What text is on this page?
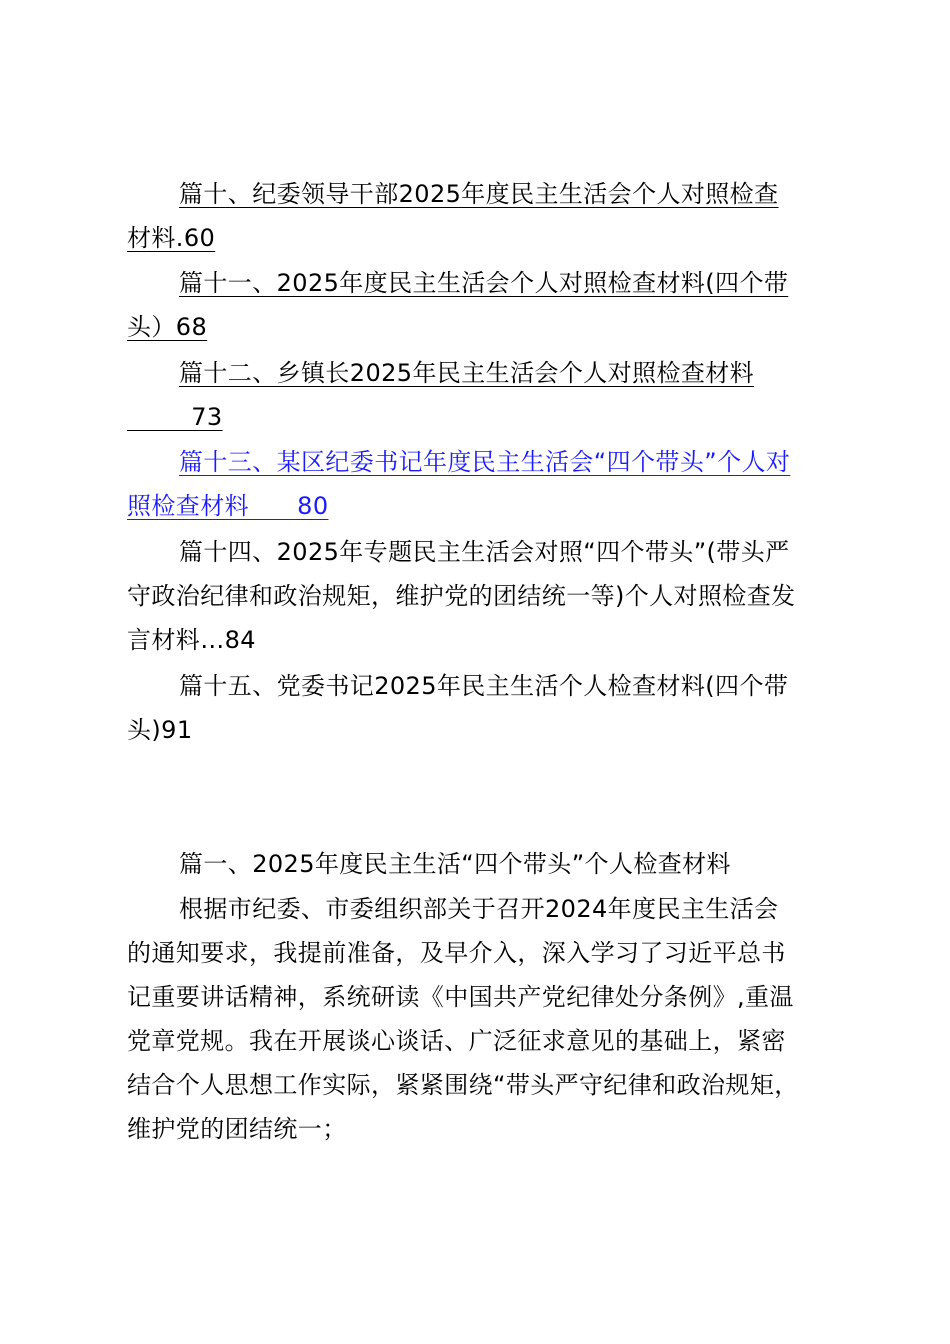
篇十、纪委领导干部2025年度民主生活会个人对照检查
材料.60
篇十一、2025年度民主生活会个人对照检查材料(四个带
头）68
篇十二、乡镇长2025年民主生活会个人对照检查材料
73
篇十三、某区纪委书记年度民主生活会“四个带头”个人对
照检查材料      80
篇十四、2025年专题民主生活会对照“四个带头”(带头严
守政治纪律和政治规矩，维护党的团结统一等)个人对照检查发
言材料…84
篇十五、党委书记2025年民主生活个人检查材料(四个带
头)91
篇一、2025年度民主生活“四个带头”个人检查材料
根据市纪委、市委组织部关于召开2024年度民主生活会
的通知要求，我提前准备，及早介入，深入学习了习近平总书
记重要讲话精神，系统研读《中国共产党纪律处分条例》,重温
党章党规。我在开展谈心谈话、广泛征求意见的基础上，紧密
结合个人思想工作实际，紧紧围绕“带头严守纪律和政治规矩，
维护党的团结统一；
